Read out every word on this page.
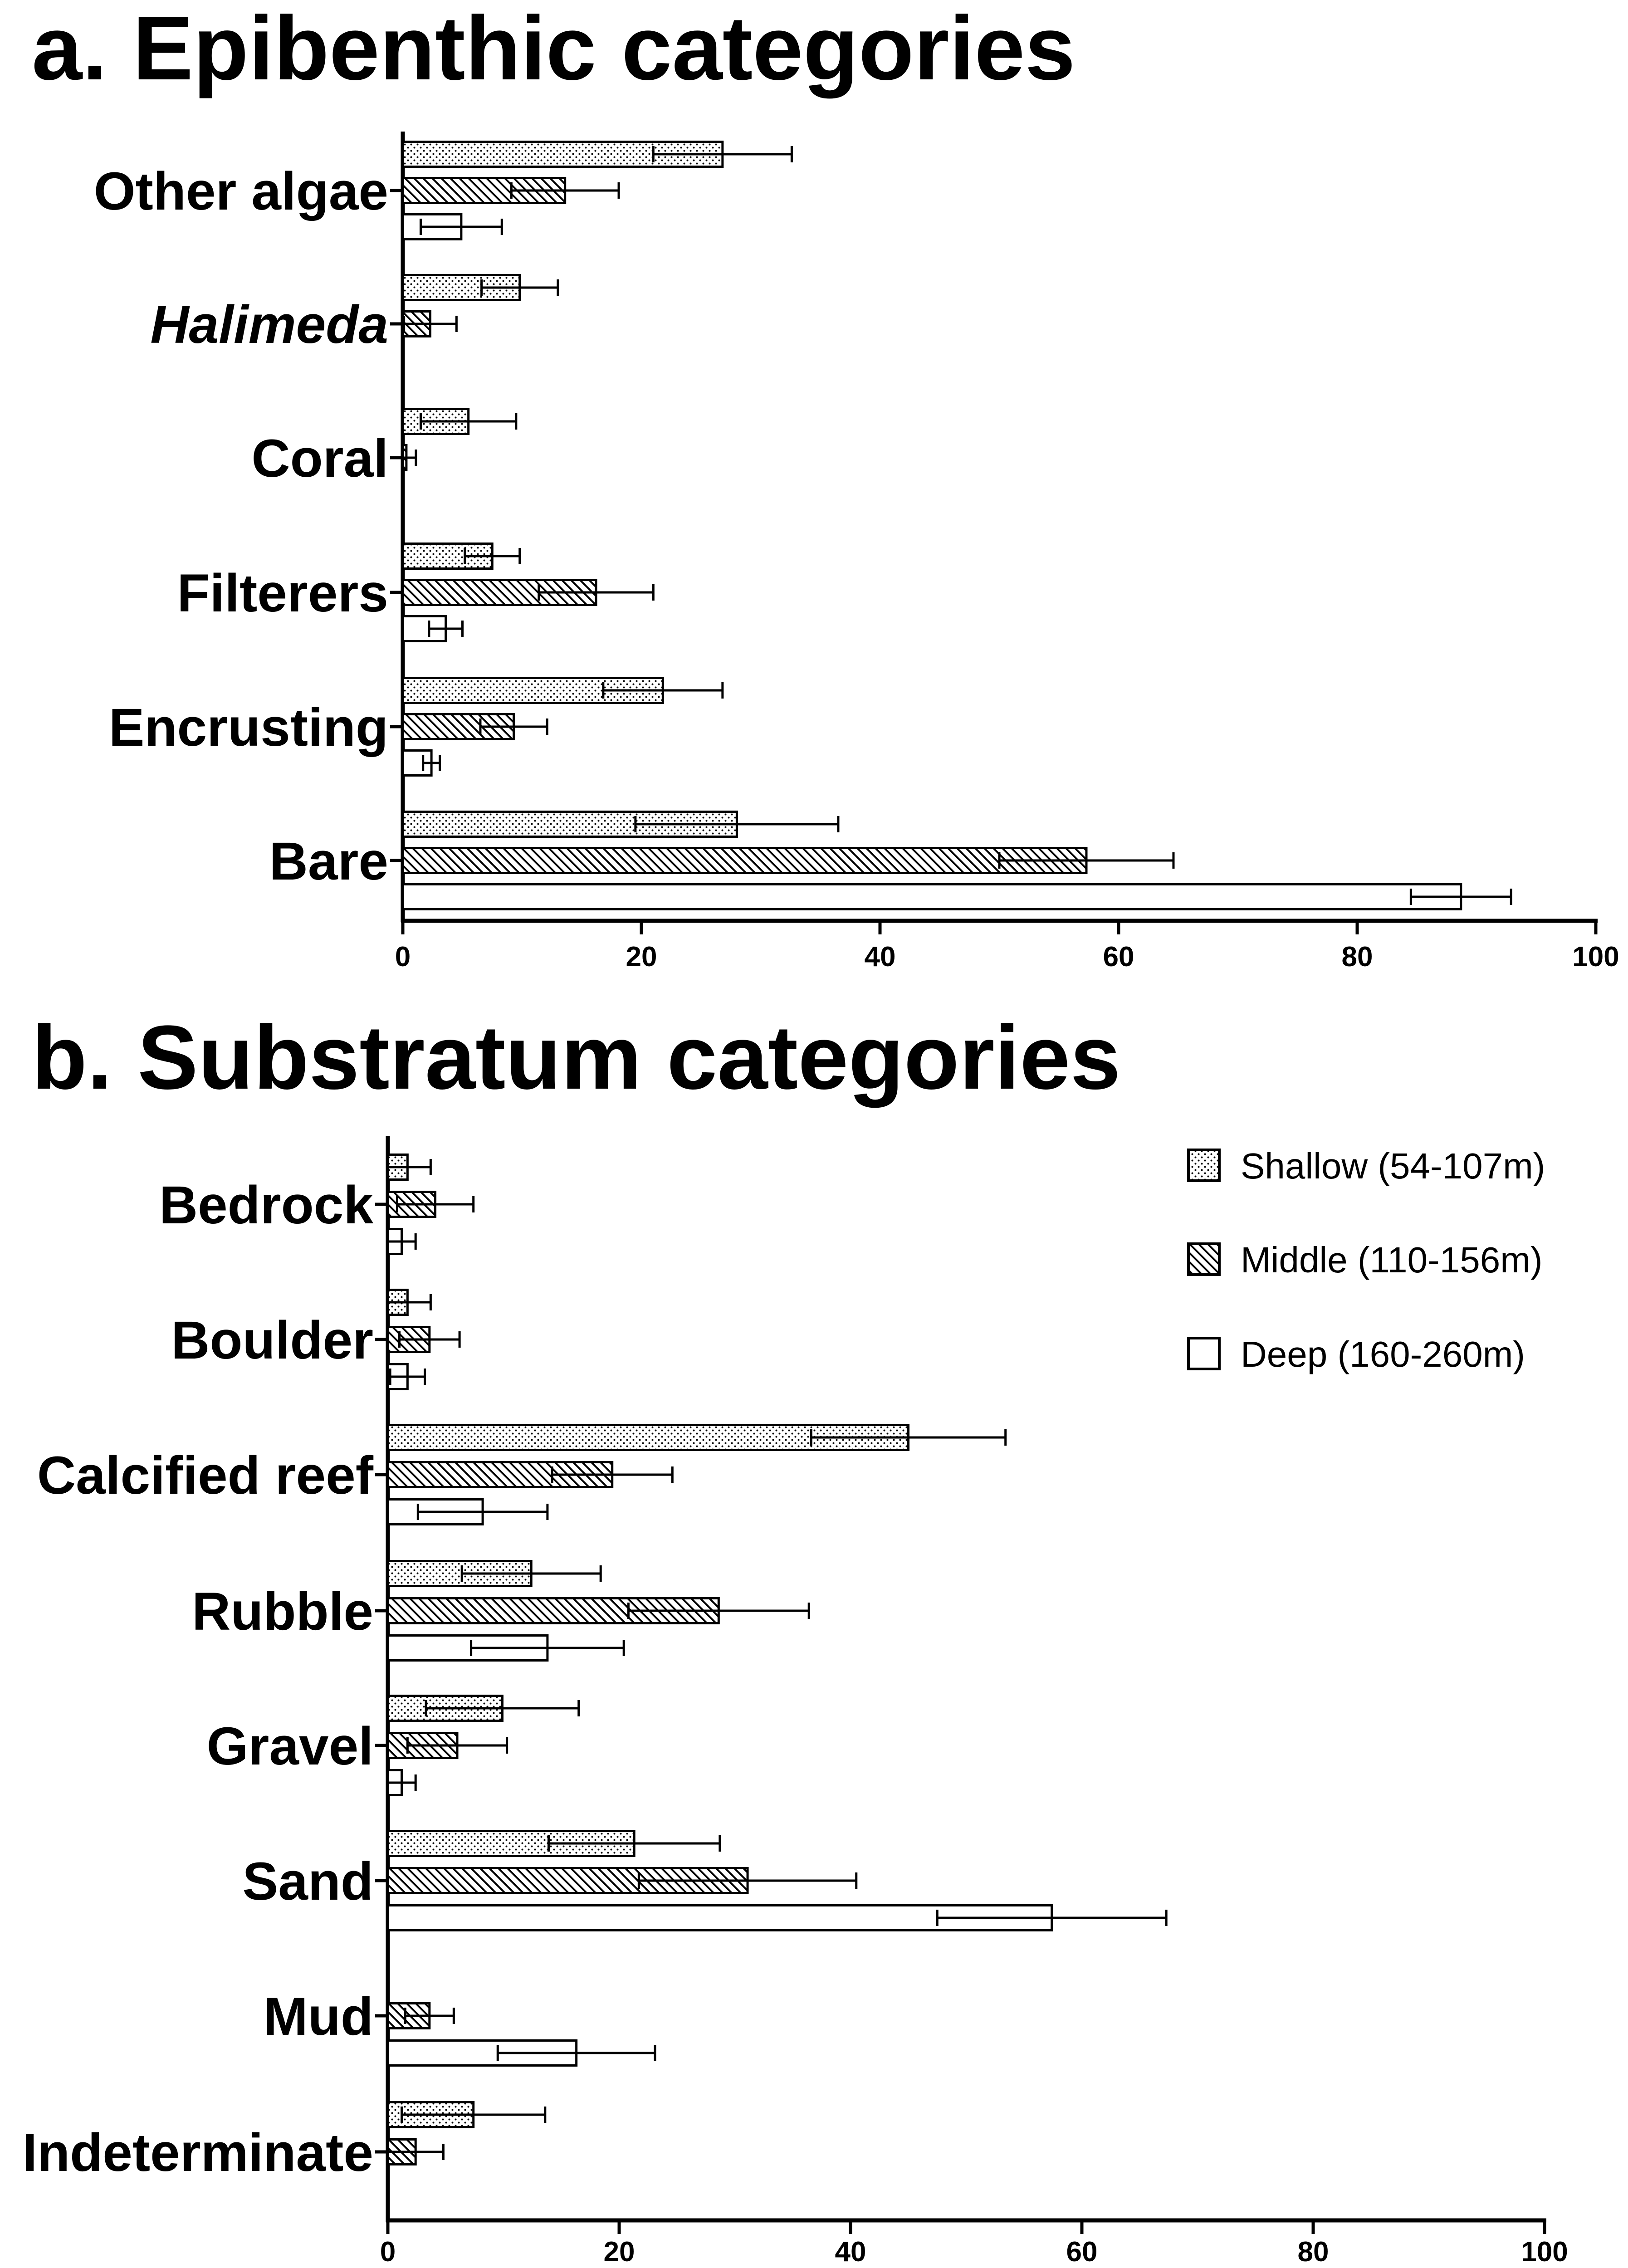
a. Epibenthic categories
0	20	40	60	80	100
Other algae
Halimeda
Coral
Filterers
Encrusting
Bare
b. Substratum categories
0	20	40	60	80	100
Bedrock
Boulder
Calcified reef
Rubble
Gravel
Sand
Mud
Indeterminate
Shallow (54-107m)
Middle (110-156m)
Deep (160-260m)
